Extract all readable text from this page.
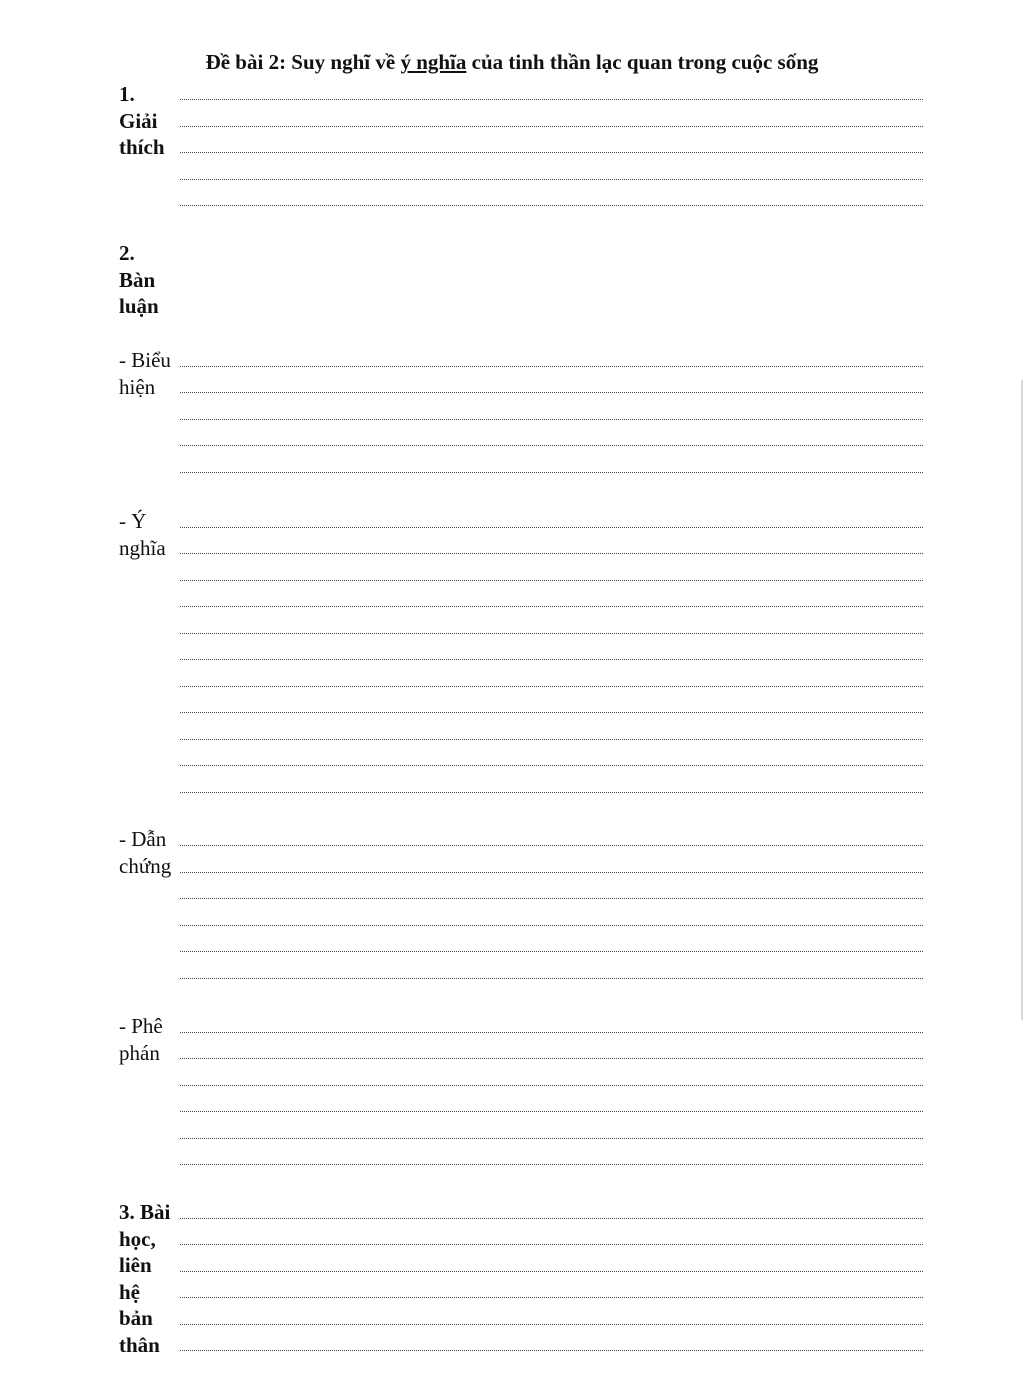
Đề bài 2: Suy nghĩ về ý nghĩa của tinh thần lạc quan trong cuộc sống
1.
Giải
thích
2.
Bàn
luận
- Biểu
hiện
- Ý
nghĩa
- Dẫn
chứng
- Phê
phán
3. Bài
học,
liên
hệ
bản
thân
